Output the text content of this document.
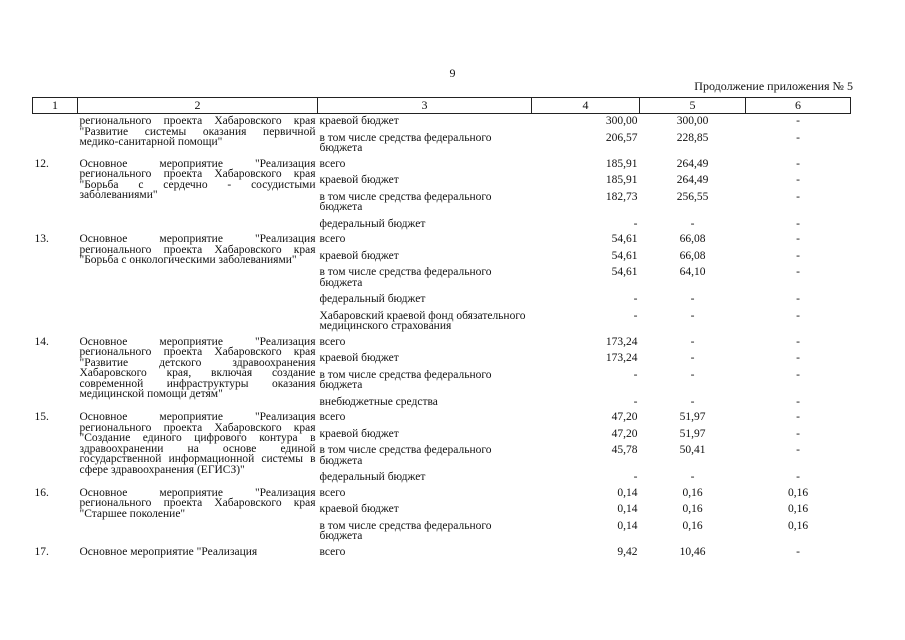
9
Продолжение приложения № 5
1	2	3	4	5	6
	регионального проекта Хабаровского края "Развитие системы оказания первичной медико-санитарной помощи"	краевой бюджет	300,00	300,00	-
		в том числе средства федерального бюджета	206,57	228,85	-
12.	Основное мероприятие "Реализация регионального проекта Хабаровского края "Борьба с сердечно - сосудистыми заболеваниями"	всего	185,91	264,49	-
		краевой бюджет	185,91	264,49	-
		в том числе средства федерального бюджета	182,73	256,55	-
		федеральный бюджет	-	-	-
13.	Основное мероприятие "Реализация регионального проекта Хабаровского края "Борьба с онкологическими заболеваниями"	всего	54,61	66,08	-
		краевой бюджет	54,61	66,08	-
		в том числе средства федерального бюджета	54,61	64,10	-
		федеральный бюджет	-	-	-
		Хабаровский краевой фонд обязательного медицинского страхования	-	-	-
14.	Основное мероприятие "Реализация регионального проекта Хабаровского края "Развитие детского здравоохранения Хабаровского края, включая создание современной инфраструктуры оказания медицинской помощи детям"	всего	173,24	-	-
		краевой бюджет	173,24	-	-
		в том числе средства федерального бюджета	-	-	-
		внебюджетные средства	-	-	-
15.	Основное мероприятие "Реализация регионального проекта Хабаровского края "Создание единого цифрового контура в здравоохранении на основе единой государственной информационной системы в сфере здравоохранения (ЕГИСЗ)"	всего	47,20	51,97	-
		краевой бюджет	47,20	51,97	-
		в том числе средства федерального бюджета	45,78	50,41	-
		федеральный бюджет	-	-	-
16.	Основное мероприятие "Реализация регионального проекта Хабаровского края "Старшее поколение"	всего	0,14	0,16	0,16
		краевой бюджет	0,14	0,16	0,16
		в том числе средства федерального бюджета	0,14	0,16	0,16
17.	Основное мероприятие "Реализация	всего	9,42	10,46	-
